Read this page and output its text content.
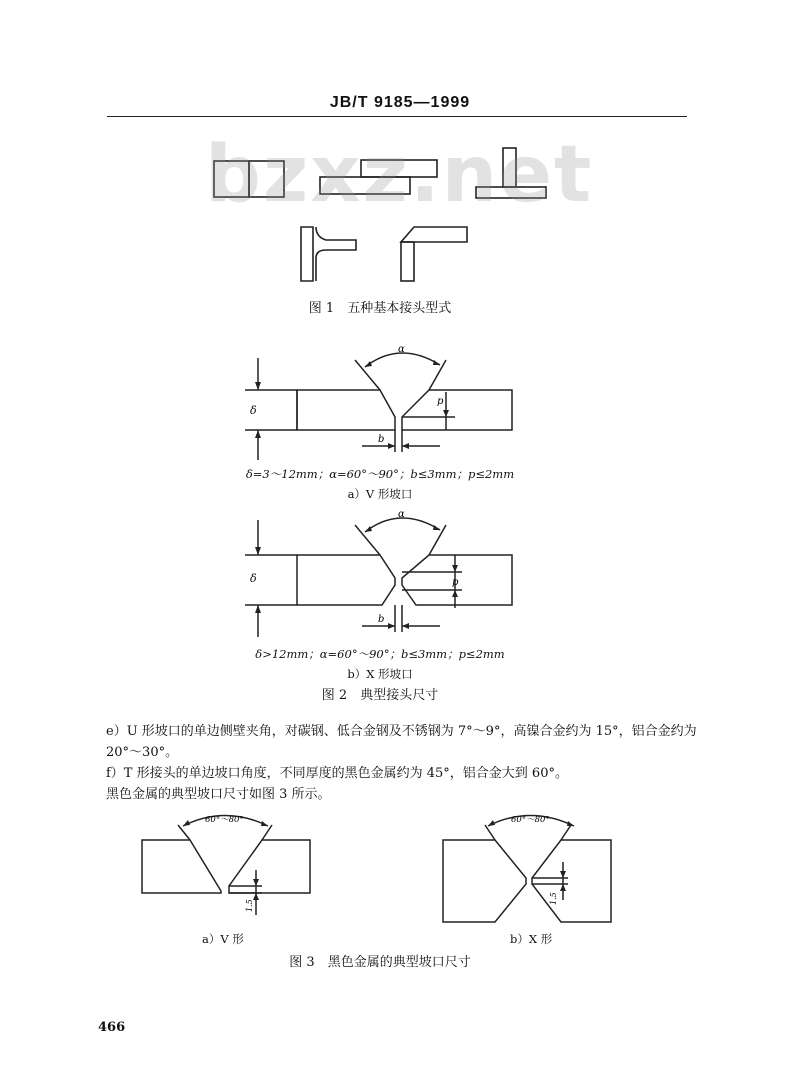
JB/T 9185—1999
bzxz.net
图 1　五种基本接头型式
α
δ
p
b
δ=3～12mm；α=60°～90°；b≤3mm；p≤2mm
a）V 形坡口
α
δ	p
b
δ>12mm；α=60°～90°；b≤3mm；p≤2mm
b）X 形坡口
图 2　典型接头尺寸
e）U 形坡口的单边侧壁夹角，对碳钢、低合金钢及不锈钢为 7°～9°，高镍合金约为 15°，铝合金约为
20°～30°。
f）T 形接头的单边坡口角度，不同厚度的黑色金属约为 45°，铝合金大到 60°。
黑色金属的典型坡口尺寸如图 3 所示。
60°～80°
1.5
a）V 形
60°～80°
1.5
b）X 形
图 3　黑色金属的典型坡口尺寸
466
